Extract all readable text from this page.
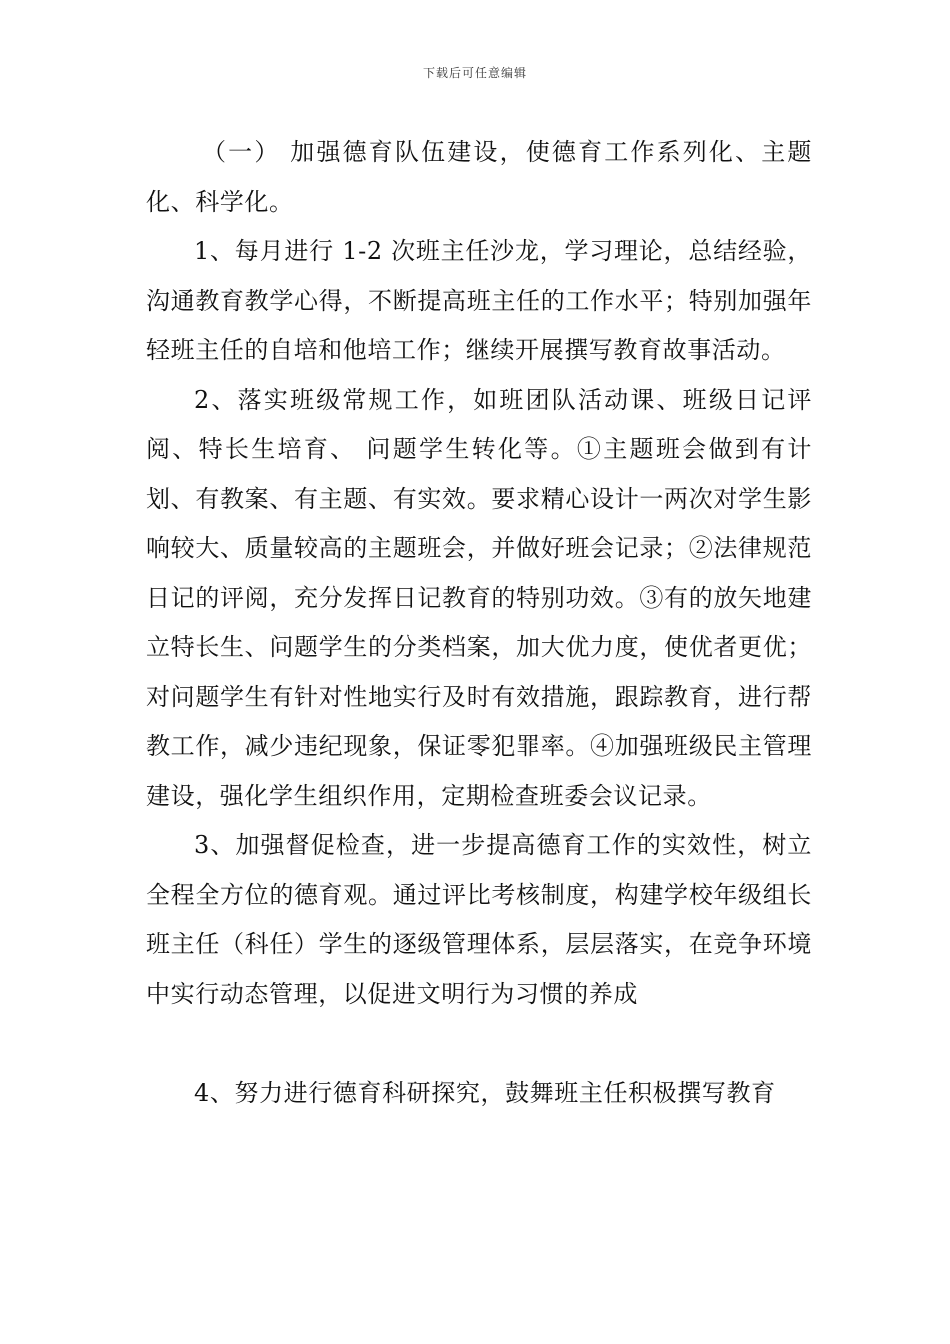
下载后可任意编辑

（一） 加强德育队伍建设，使德育工作系列化、主题化、科学化。

1、每月进行 1-2 次班主任沙龙，学习理论，总结经验，沟通教育教学心得，不断提高班主任的工作水平；特别加强年轻班主任的自培和他培工作；继续开展撰写教育故事活动。

2、落实班级常规工作，如班团队活动课、班级日记评阅、特长生培育、 问题学生转化等。①主题班会做到有计划、有教案、有主题、有实效。要求精心设计一两次对学生影响较大、质量较高的主题班会，并做好班会记录；②法律规范日记的评阅，充分发挥日记教育的特别功效。③有的放矢地建立特长生、问题学生的分类档案，加大优力度，使优者更优；对问题学生有针对性地实行及时有效措施，跟踪教育，进行帮教工作，减少违纪现象，保证零犯罪率。④加强班级民主管理建设，强化学生组织作用，定期检查班委会议记录。

3、加强督促检查，进一步提高德育工作的实效性，树立全程全方位的德育观。通过评比考核制度，构建学校年级组长班主任（科任）学生的逐级管理体系，层层落实，在竞争环境中实行动态管理，以促进文明行为习惯的养成

4、努力进行德育科研探究，鼓舞班主任积极撰写教育
